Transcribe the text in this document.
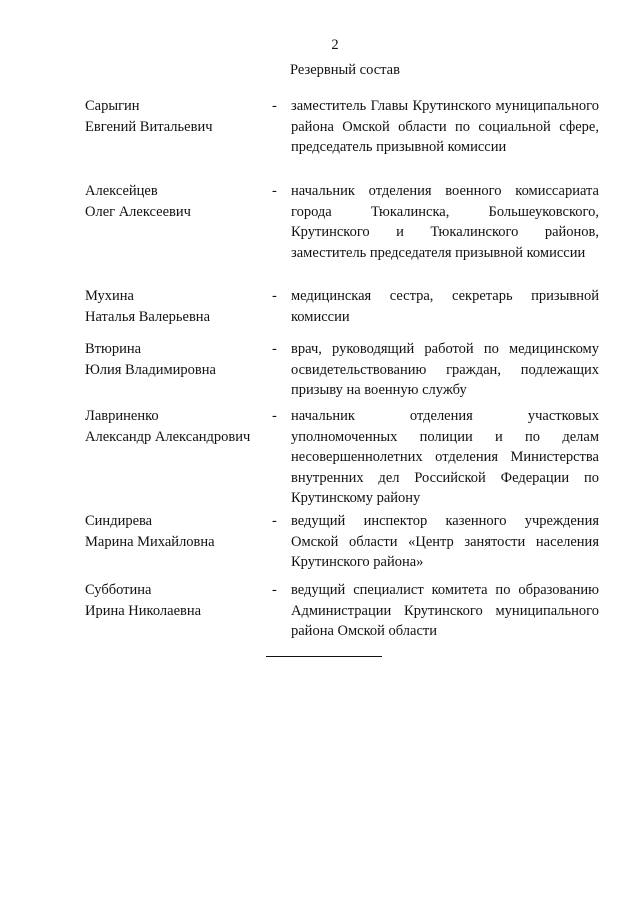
2
Резервный состав
Сарыгин
Евгений Витальевич
- заместитель Главы Крутинского муниципального района Омской области по социальной сфере, председатель призывной комиссии
Алексейцев
Олег Алексеевич
- начальник отделения военного комиссариата города Тюкалинска, Большеуковского, Крутинского и Тюкалинского районов, заместитель председателя призывной комиссии
Мухина
Наталья Валерьевна
- медицинская сестра, секретарь призывной комиссии
Втюрина
Юлия Владимировна
- врач, руководящий работой по медицинскому освидетельствованию граждан, подлежащих призыву на военную службу
Лавриненко
Александр Александрович
- начальник отделения участковых уполномоченных полиции и по делам несовершеннолетних отделения Министерства внутренних дел Российской Федерации по Крутинскому району
Синдирева
Марина Михайловна
- ведущий инспектор казенного учреждения Омской области «Центр занятости населения Крутинского района»
Субботина
Ирина Николаевна
- ведущий специалист комитета по образованию Администрации Крутинского муниципального района Омской области
